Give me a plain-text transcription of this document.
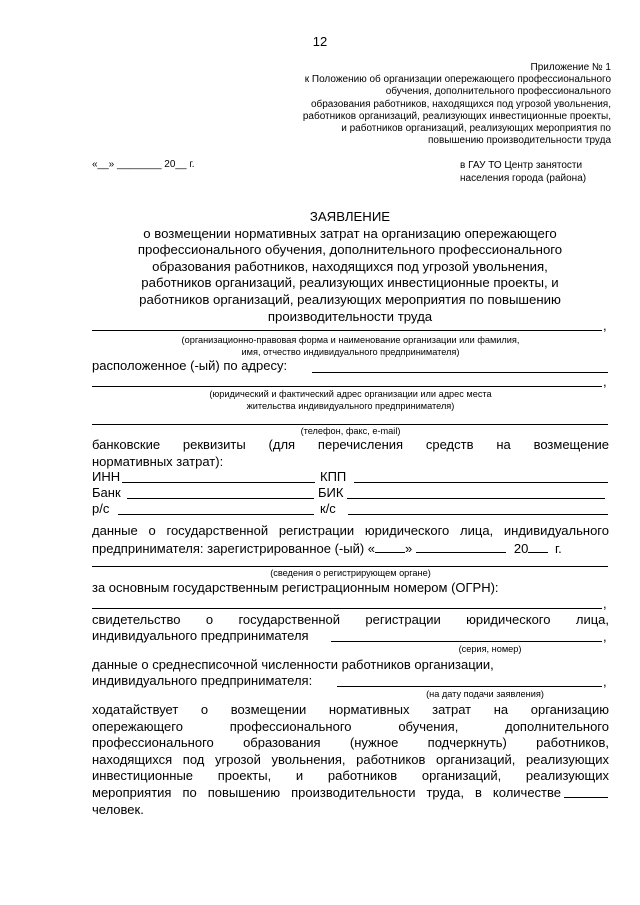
12
Приложение № 1
к Положению об организации опережающего профессионального
обучения, дополнительного профессионального
образования работников, находящихся под угрозой увольнения,
работников организаций, реализующих инвестиционные проекты,
и работников организаций, реализующих мероприятия по
повышению производительности труда
«__» ________ 20__ г.	в ГАУ ТО Центр занятости
населения города (района)
ЗАЯВЛЕНИЕ
о возмещении нормативных затрат на организацию опережающего
профессионального обучения, дополнительного профессионального
образования работников, находящихся под угрозой увольнения,
работников организаций, реализующих инвестиционные проекты, и
работников организаций, реализующих мероприятия по повышению
производительности труда
,
(организационно-правовая форма и наименование организации или фамилия,
имя, отчество индивидуального предпринимателя)
расположенное (-ый) по адресу:
,
(юридический и фактический адрес организации или адрес места
жительства индивидуального предпринимателя)
(телефон, факс, e-mail)
банковские реквизиты (для перечисления средств на возмещение
нормативных затрат):
ИНН	КПП
Банк	БИК
р/с	к/с
данные о государственной регистрации юридического лица, индивидуального
предпринимателя: зарегистрированное (-ый) « »	20 г.
(сведения о регистрирующем органе)
за основным государственным регистрационным номером (ОГРН):
,
свидетельство о государственной регистрации юридического лица,
индивидуального предпринимателя	,
(серия, номер)
данные о среднесписочной численности работников организации,
индивидуального предпринимателя:	,
(на дату подачи заявления)
ходатайствует о возмещении нормативных затрат на организацию
опережающего профессионального обучения, дополнительного
профессионального образования (нужное подчеркнуть) работников,
находящихся под угрозой увольнения, работников организаций, реализующих
инвестиционные проекты, и работников организаций, реализующих
мероприятия по повышению производительности труда, в количестве
человек.
